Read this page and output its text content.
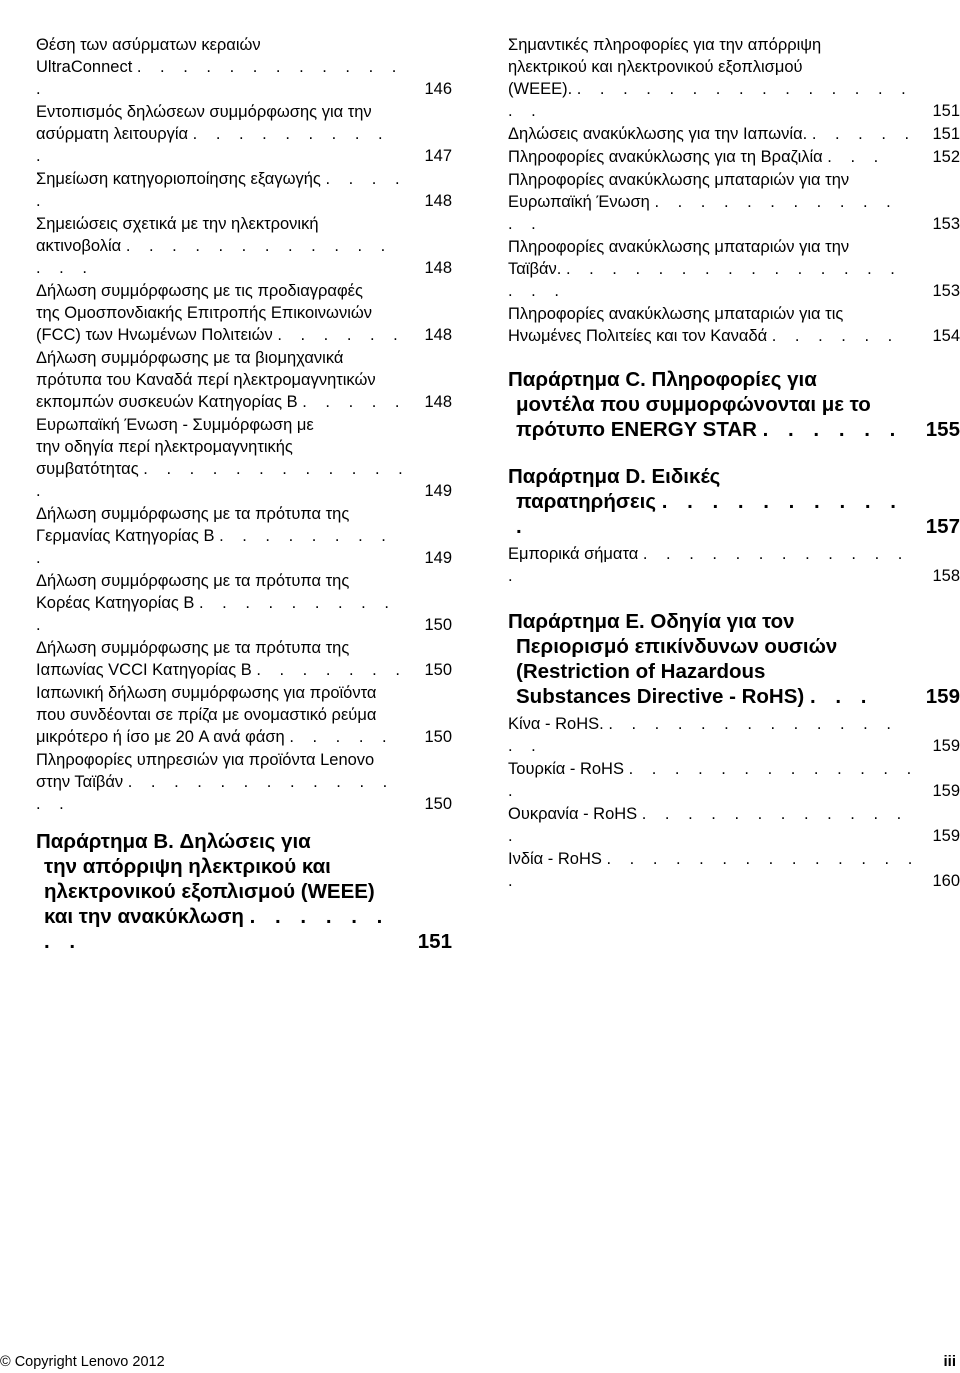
Θέση των ασύρματων κεραιών
UltraConnect . . . . . . . . . . . . .	146
Εντοπισμός δηλώσεων συμμόρφωσης για την
ασύρματη λειτουργία . . . . . . . . . .	147
Σημείωση κατηγοριοποίησης εξαγωγής . . . . .	148
Σημειώσεις σχετικά με την ηλεκτρονική
ακτινοβολία . . . . . . . . . . . . . . .	148
Δήλωση συμμόρφωσης με τις προδιαγραφές
της Ομοσπονδιακής Επιτροπής Επικοινωνιών
(FCC) των Ηνωμένων Πολιτειών . . . . . .	148
Δήλωση συμμόρφωσης με τα βιομηχανικά
πρότυπα του Καναδά περί ηλεκτρομαγνητικών
εκπομπών συσκευών Κατηγορίας B . . . . .	148
Ευρωπαϊκή Ένωση - Συμμόρφωση με
την οδηγία περί ηλεκτρομαγνητικής
συμβατότητας . . . . . . . . . . . . .	149
Δήλωση συμμόρφωσης με τα πρότυπα της
Γερμανίας Κατηγορίας B . . . . . . . . .	149
Δήλωση συμμόρφωσης με τα πρότυπα της
Κορέας Κατηγορίας B . . . . . . . . . .	150
Δήλωση συμμόρφωσης με τα πρότυπα της
Ιαπωνίας VCCI Κατηγορίας B . . . . . . .	150
Ιαπωνική δήλωση συμμόρφωσης για προϊόντα
που συνδέονται σε πρίζα με ονομαστικό ρεύμα
μικρότερο ή ίσο με 20 A ανά φάση . . . . .	150
Πληροφορίες υπηρεσιών για προϊόντα Lenovo
στην Ταϊβάν . . . . . . . . . . . . . .	150
Παράρτημα B. Δηλώσεις για
την απόρριψη ηλεκτρικού και
ηλεκτρονικού εξοπλισμού (WEEE)
και την ανακύκλωση . . . . . . . .	151
Σημαντικές πληροφορίες για την απόρριψη
ηλεκτρικού και ηλεκτρονικού εξοπλισμού
(WEEE). . . . . . . . . . . . . . . . . .	151
Δηλώσεις ανακύκλωσης για την Ιαπωνία. . . . . . 151
Πληροφορίες ανακύκλωσης για τη Βραζιλία . . .	152
Πληροφορίες ανακύκλωσης μπαταριών για την
Ευρωπαϊκή Ένωση . . . . . . . . . . . . .	153
Πληροφορίες ανακύκλωσης μπαταριών για την
Ταϊβάν. . . . . . . . . . . . . . . . . . .	153
Πληροφορίες ανακύκλωσης μπαταριών για τις
Ηνωμένες Πολιτείες και τον Καναδά . . . . . .	154
Παράρτημα C. Πληροφορίες για
μοντέλα που συμμορφώνονται με το
πρότυπο ENERGY STAR . . . . . .	155
Παράρτημα D. Ειδικές
παρατηρήσεις . . . . . . . . . . .	157
Εμπορικά σήματα . . . . . . . . . . . . .	158
Παράρτημα E. Οδηγία για τον
Περιορισμό επικίνδυνων ουσιών
(Restriction of Hazardous
Substances Directive - RoHS) . . .	159
Κίνα - RoHS. . . . . . . . . . . . . . . .	159
Τουρκία - RoHS . . . . . . . . . . . . . .	159
Ουκρανία - RoHS . . . . . . . . . . . . .	159
Ινδία - RoHS . . . . . . . . . . . . . . .	160
© Copyright Lenovo 2012	iii
